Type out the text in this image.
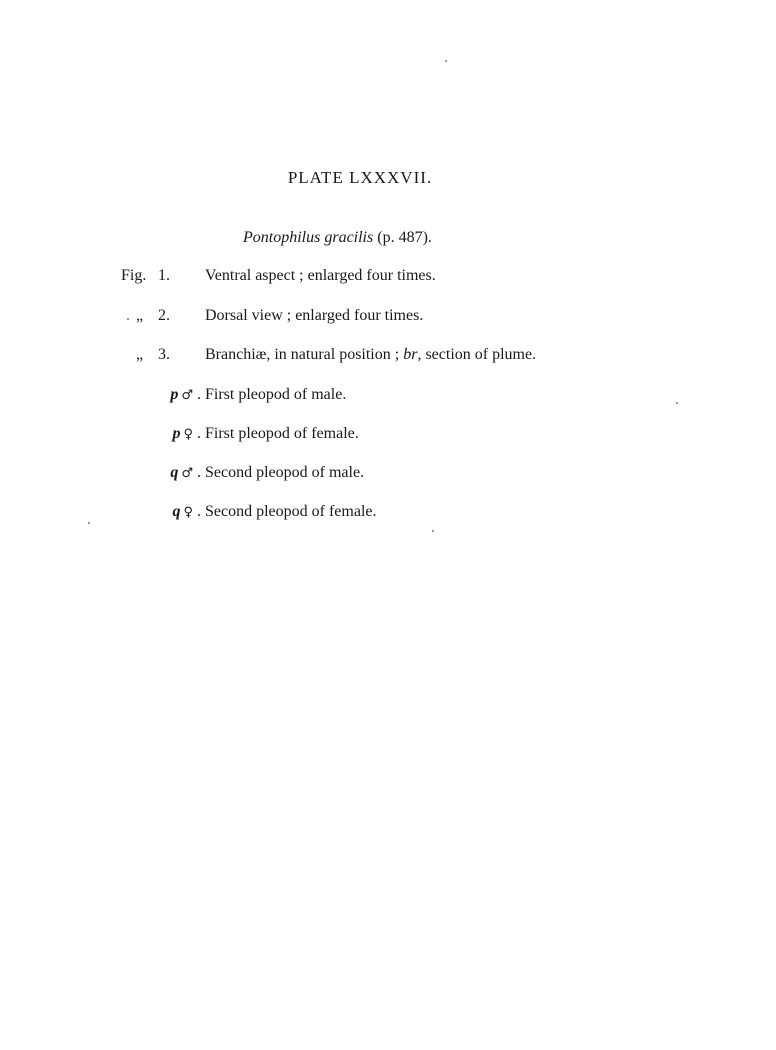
PLATE LXXXVII.
Pontophilus gracilis (p. 487).
Fig. 1. Ventral aspect ; enlarged four times.
„ 2. Dorsal view ; enlarged four times.
„ 3. Branchiæ, in natural position ; br, section of plume.
p ♂ . First pleopod of male.
p ♀ . First pleopod of female.
q ♂ . Second pleopod of male.
q ♀ . Second pleopod of female.
